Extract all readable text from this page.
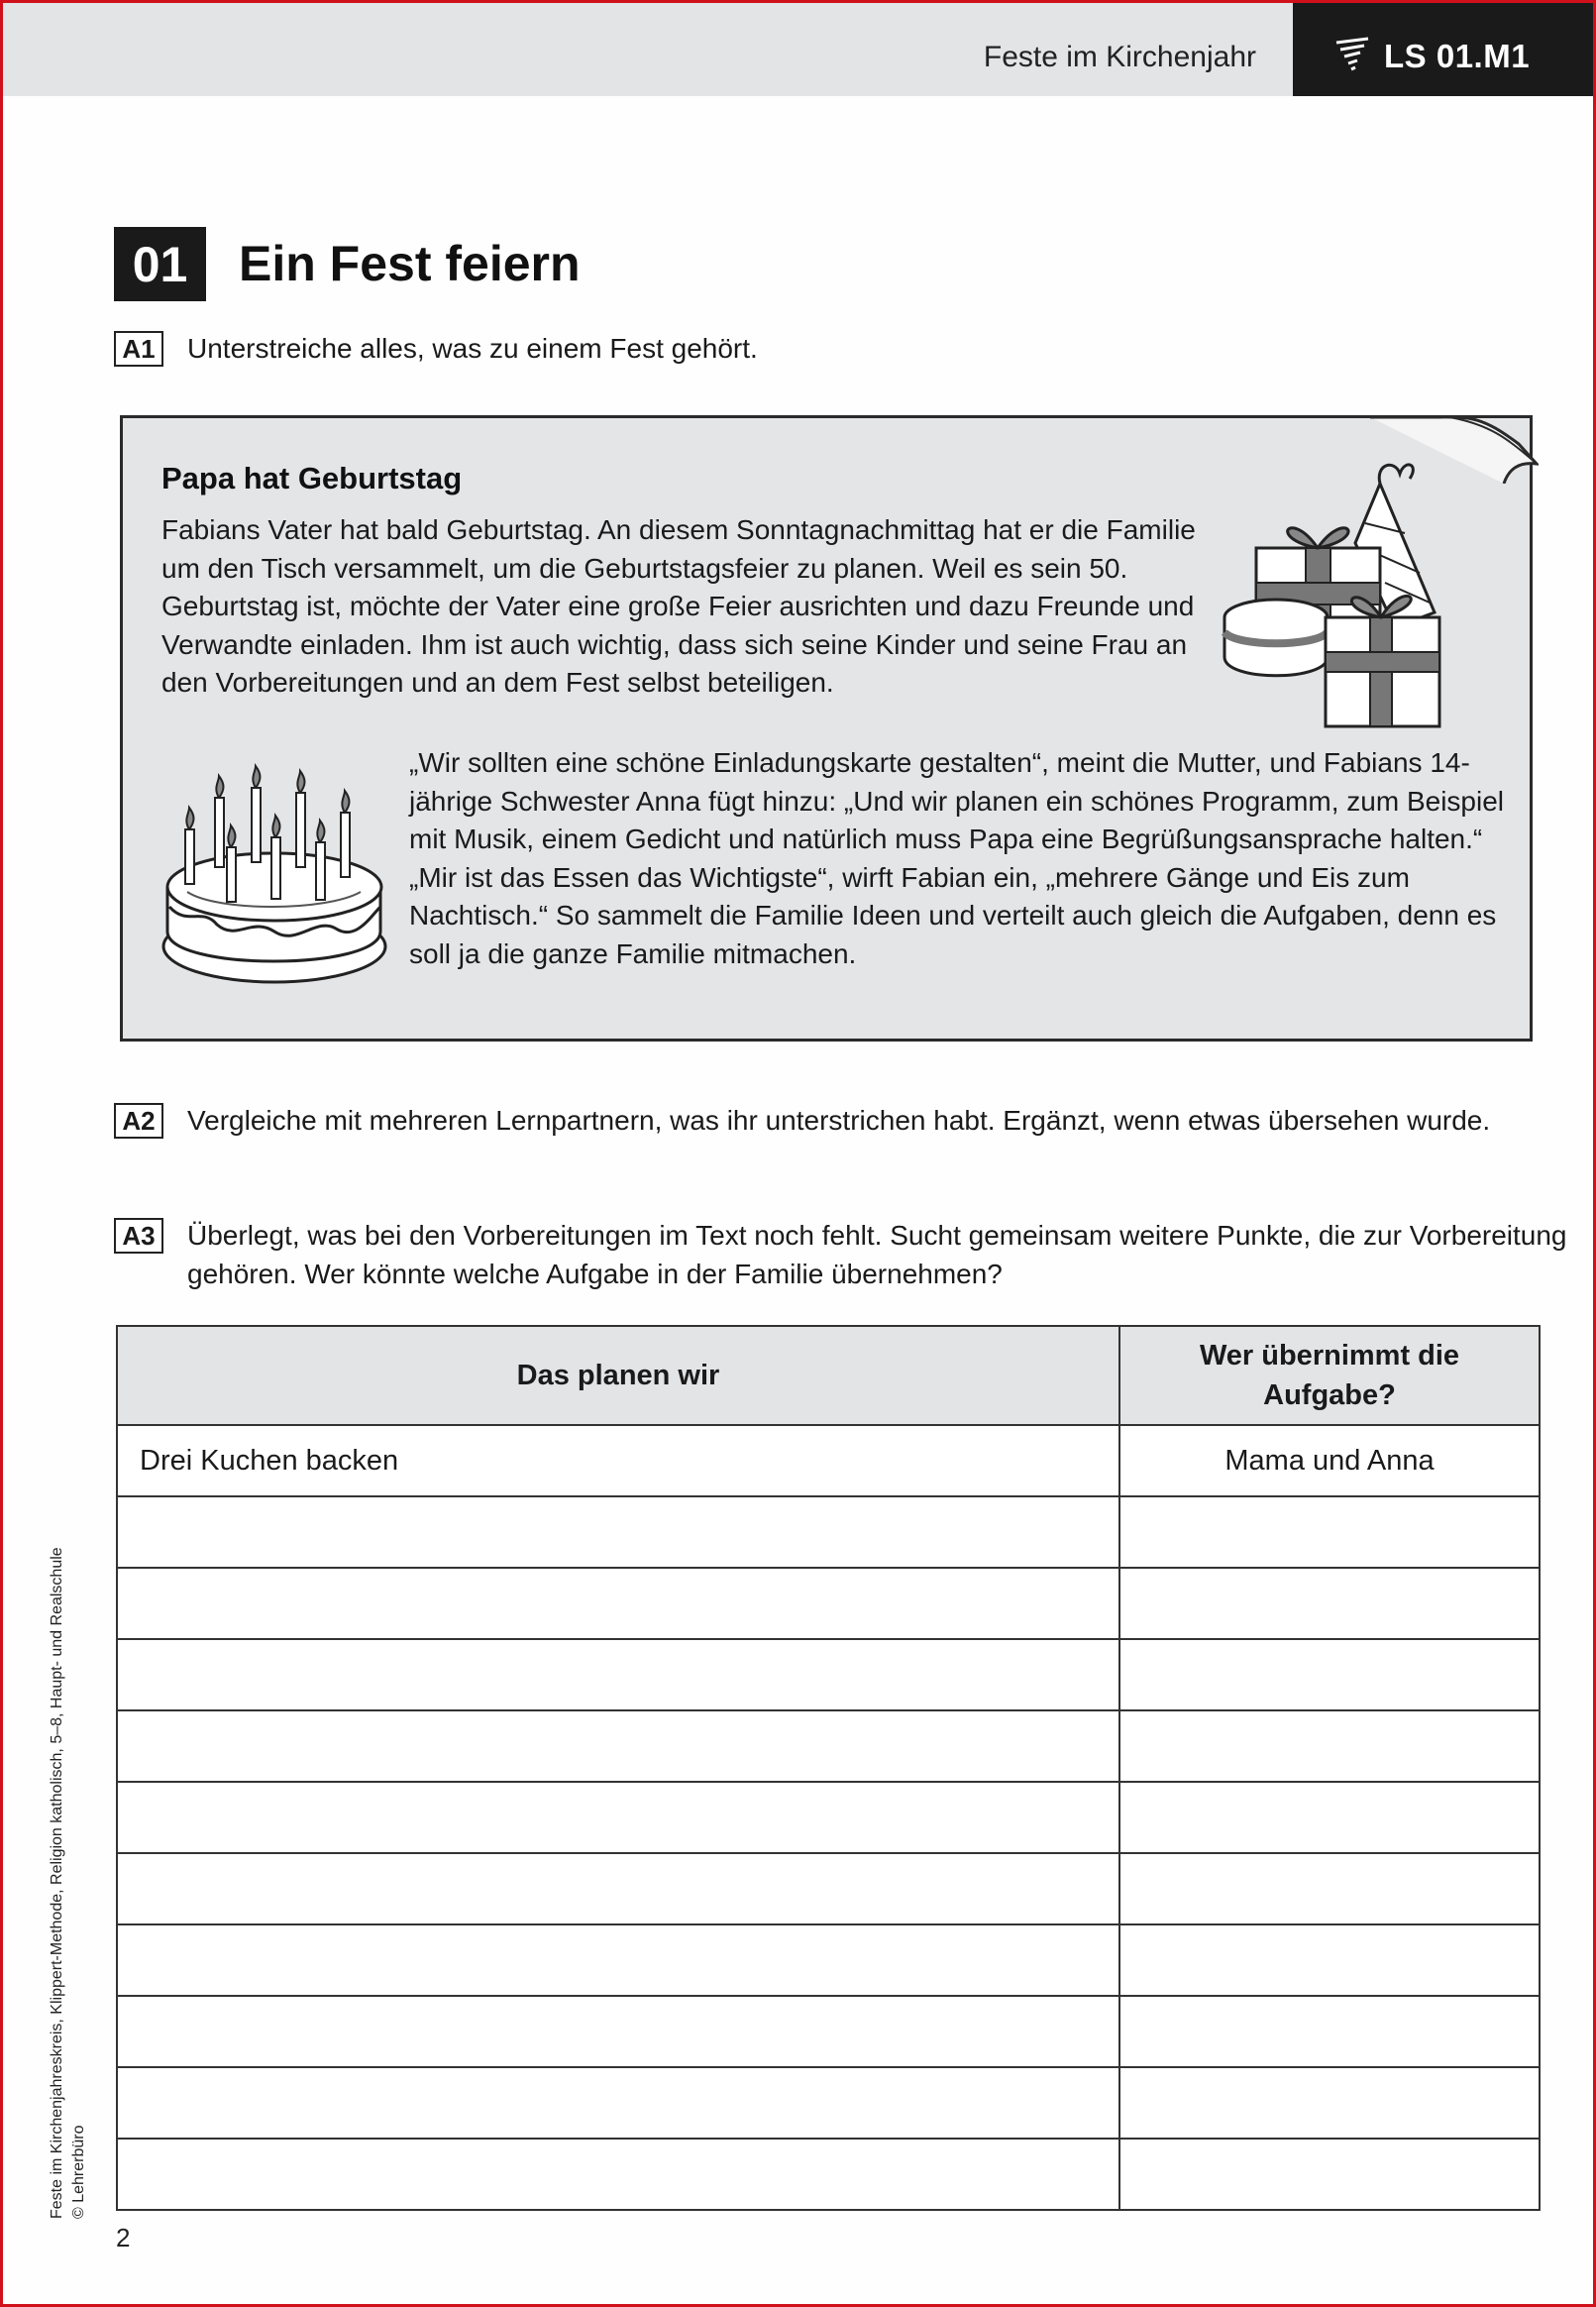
Feste im Kirchenjahr	LS 01.M1
01	Ein Fest feiern
A1 Unterstreiche alles, was zu einem Fest gehört.
Papa hat Geburtstag
Fabians Vater hat bald Geburtstag. An diesem Sonntagnachmittag hat er die Familie um den Tisch versammelt, um die Geburtstagsfeier zu planen. Weil es sein 50. Geburtstag ist, möchte der Vater eine große Feier ausrichten und dazu Freunde und Verwandte einladen. Ihm ist auch wichtig, dass sich seine Kinder und seine Frau an den Vorbereitungen und an dem Fest selbst beteiligen.
„Wir sollten eine schöne Einladungskarte gestalten“, meint die Mutter, und Fabians 14-jährige Schwester Anna fügt hinzu: „Und wir planen ein schönes Programm, zum Beispiel mit Musik, einem Gedicht und natürlich muss Papa eine Begrüßungsansprache halten.“ „Mir ist das Essen das Wichtigste“, wirft Fabian ein, „mehrere Gänge und Eis zum Nachtisch.“ So sammelt die Familie Ideen und verteilt auch gleich die Aufgaben, denn es soll ja die ganze Familie mitmachen.
A2 Vergleiche mit mehreren Lernpartnern, was ihr unterstrichen habt. Ergänzt, wenn etwas übersehen wurde.
A3 Überlegt, was bei den Vorbereitungen im Text noch fehlt. Sucht gemeinsam weitere Punkte, die zur Vorbereitung gehören. Wer könnte welche Aufgabe in der Familie übernehmen?
Das planen wir	Wer übernimmt die Aufgabe?
Drei Kuchen backen	Mama und Anna

Feste im Kirchenjahreskreis, Klippert-Methode, Religion katholisch, 5–8, Haupt- und Realschule © Lehrerbüro
2
